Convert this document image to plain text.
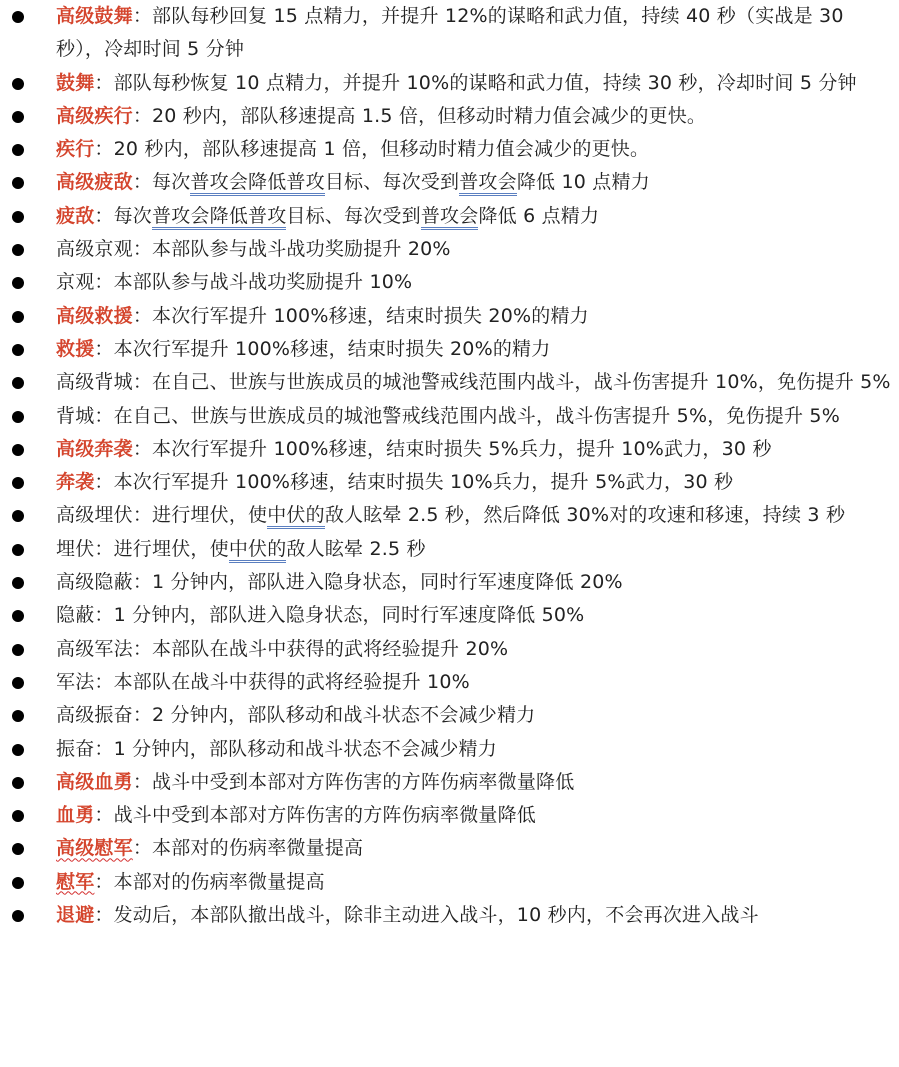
高级鼓舞：部队每秒回复 15 点精力，并提升 12%的谋略和武力值，持续 40 秒（实战是 30 秒），冷却时间 5 分钟
鼓舞：部队每秒恢复 10 点精力，并提升 10%的谋略和武力值，持续 30 秒，冷却时间 5 分钟
高级疾行：20 秒内，部队移速提高 1.5 倍，但移动时精力值会减少的更快。
疾行：20 秒内，部队移速提高 1 倍，但移动时精力值会减少的更快。
高级疲敌：每次普攻会降低普攻目标、每次受到普攻会降低 10 点精力
疲敌：每次普攻会降低普攻目标、每次受到普攻会降低 6 点精力
高级京观：本部队参与战斗战功奖励提升 20%
京观：本部队参与战斗战功奖励提升 10%
高级救援：本次行军提升 100%移速，结束时损失 20%的精力
救援：本次行军提升 100%移速，结束时损失 20%的精力
高级背城：在自己、世族与世族成员的城池警戒线范围内战斗，战斗伤害提升 10%，免伤提升 5%
背城：在自己、世族与世族成员的城池警戒线范围内战斗，战斗伤害提升 5%，免伤提升 5%
高级奔袭：本次行军提升 100%移速，结束时损失 5%兵力，提升 10%武力，30 秒
奔袭：本次行军提升 100%移速，结束时损失 10%兵力，提升 5%武力，30 秒
高级埋伏：进行埋伏，使中伏的敌人眩晕 2.5 秒，然后降低 30%对的攻速和移速，持续 3 秒
埋伏：进行埋伏，使中伏的敌人眩晕 2.5 秒
高级隐蔽：1 分钟内，部队进入隐身状态，同时行军速度降低 20%
隐蔽：1 分钟内，部队进入隐身状态，同时行军速度降低 50%
高级军法：本部队在战斗中获得的武将经验提升 20%
军法：本部队在战斗中获得的武将经验提升 10%
高级振奋：2 分钟内，部队移动和战斗状态不会减少精力
振奋：1 分钟内，部队移动和战斗状态不会减少精力
高级血勇：战斗中受到本部对方阵伤害的方阵伤病率微量降低
血勇：战斗中受到本部对方阵伤害的方阵伤病率微量降低
高级慰军：本部对的伤病率微量提高
慰军：本部对的伤病率微量提高
退避：发动后，本部队撤出战斗，除非主动进入战斗，10 秒内，不会再次进入战斗
